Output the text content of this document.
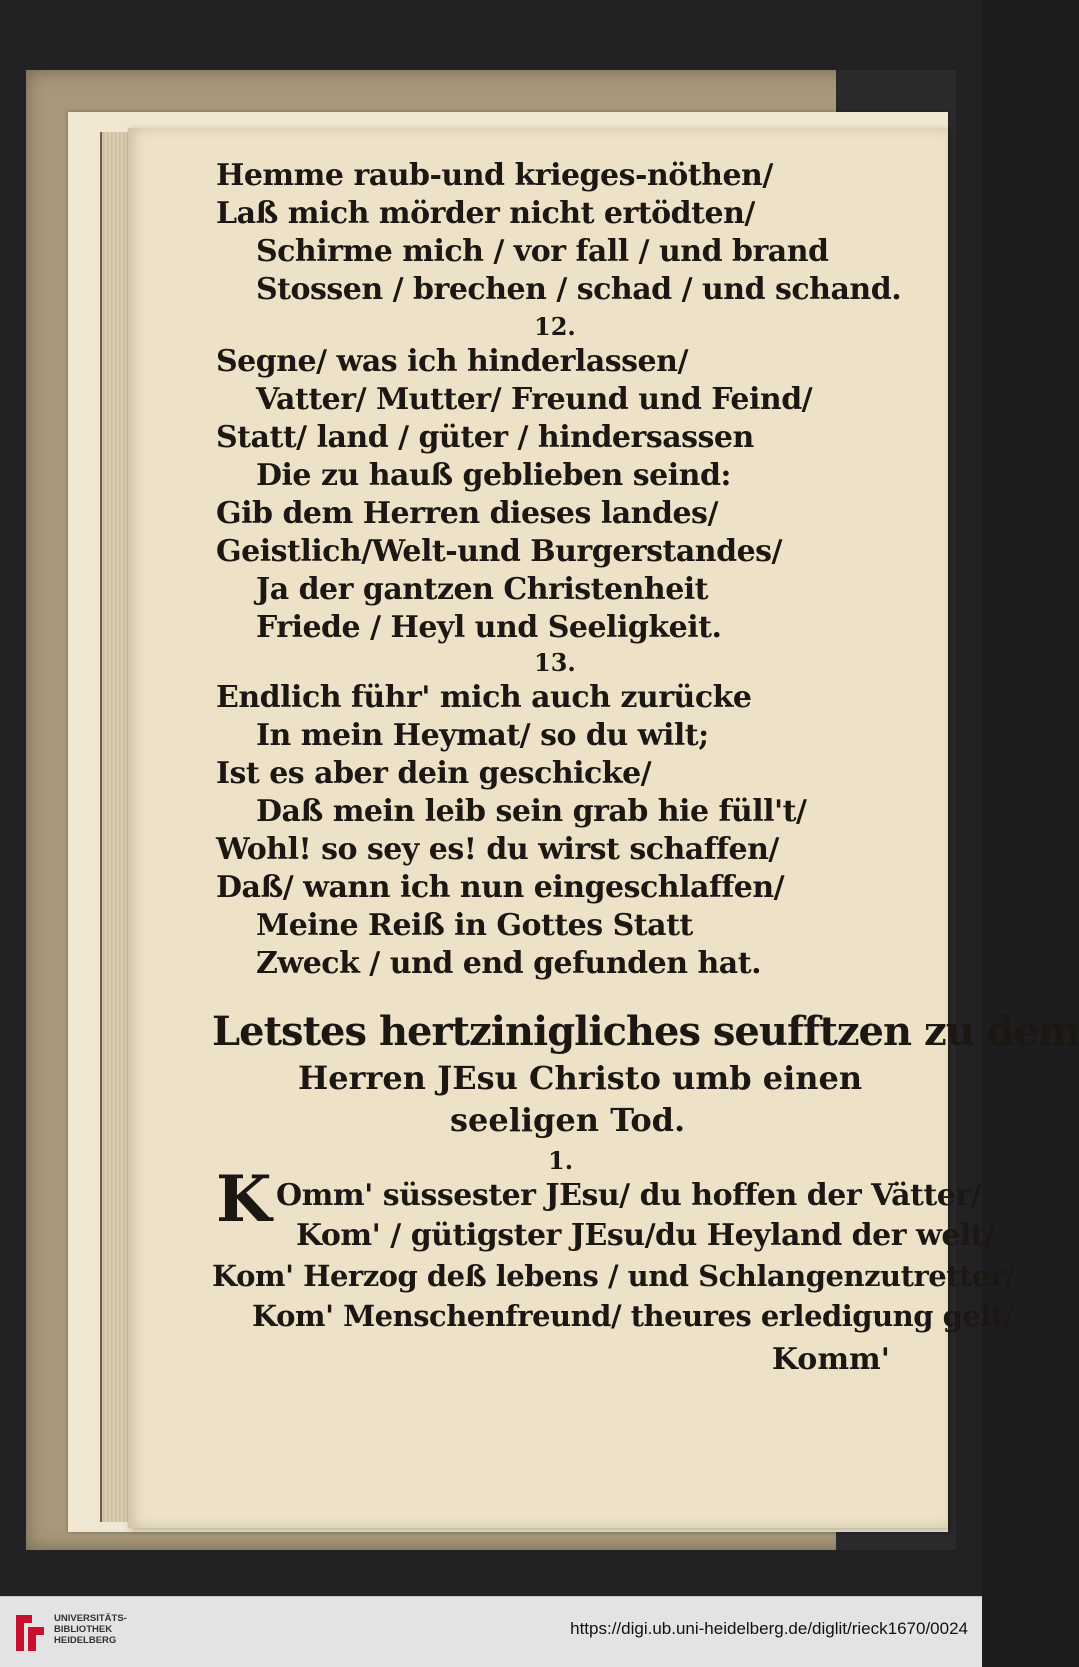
Hemme raub-und krieges-nöthen/
Laß mich mörder nicht ertödten/
Schirme mich / vor fall / und brand
Stossen / brechen / schad / und schand.
12.
Segne/ was ich hinderlassen/
Vatter/ Mutter/ Freund und Feind/
Statt/ land / güter / hindersassen
Die zu hauß geblieben seind:
Gib dem Herren dieses landes/
Geistlich/Welt-und Burgerstandes/
Ja der gantzen Christenheit
Friede / Heyl und Seeligkeit.
13.
Endlich führ' mich auch zurücke
In mein Heymat/ so du wilt;
Ist es aber dein geschicke/
Daß mein leib sein grab hie füll't/
Wohl! so sey es! du wirst schaffen/
Daß/ wann ich nun eingeschlaffen/
Meine Reiß in Gottes Statt
Zweck / und end gefunden hat.
Letstes hertzinigliches seufftzen zu dem
Herren JEsu Christo umb einen
seeligen Tod.
1.
K Omm' süssester JEsu/ du hoffen der Vätter/
Kom' / gütigster JEsu/du Heyland der welt/
Kom' Herzog deß lebens / und Schlangenzutretter/
Kom' Menschenfreund/ theures erledigung gelt/
Komm'
UNIVERSITÄTS-
BIBLIOTHEK
HEIDELBERG
https://digi.ub.uni-heidelberg.de/diglit/rieck1670/0024
